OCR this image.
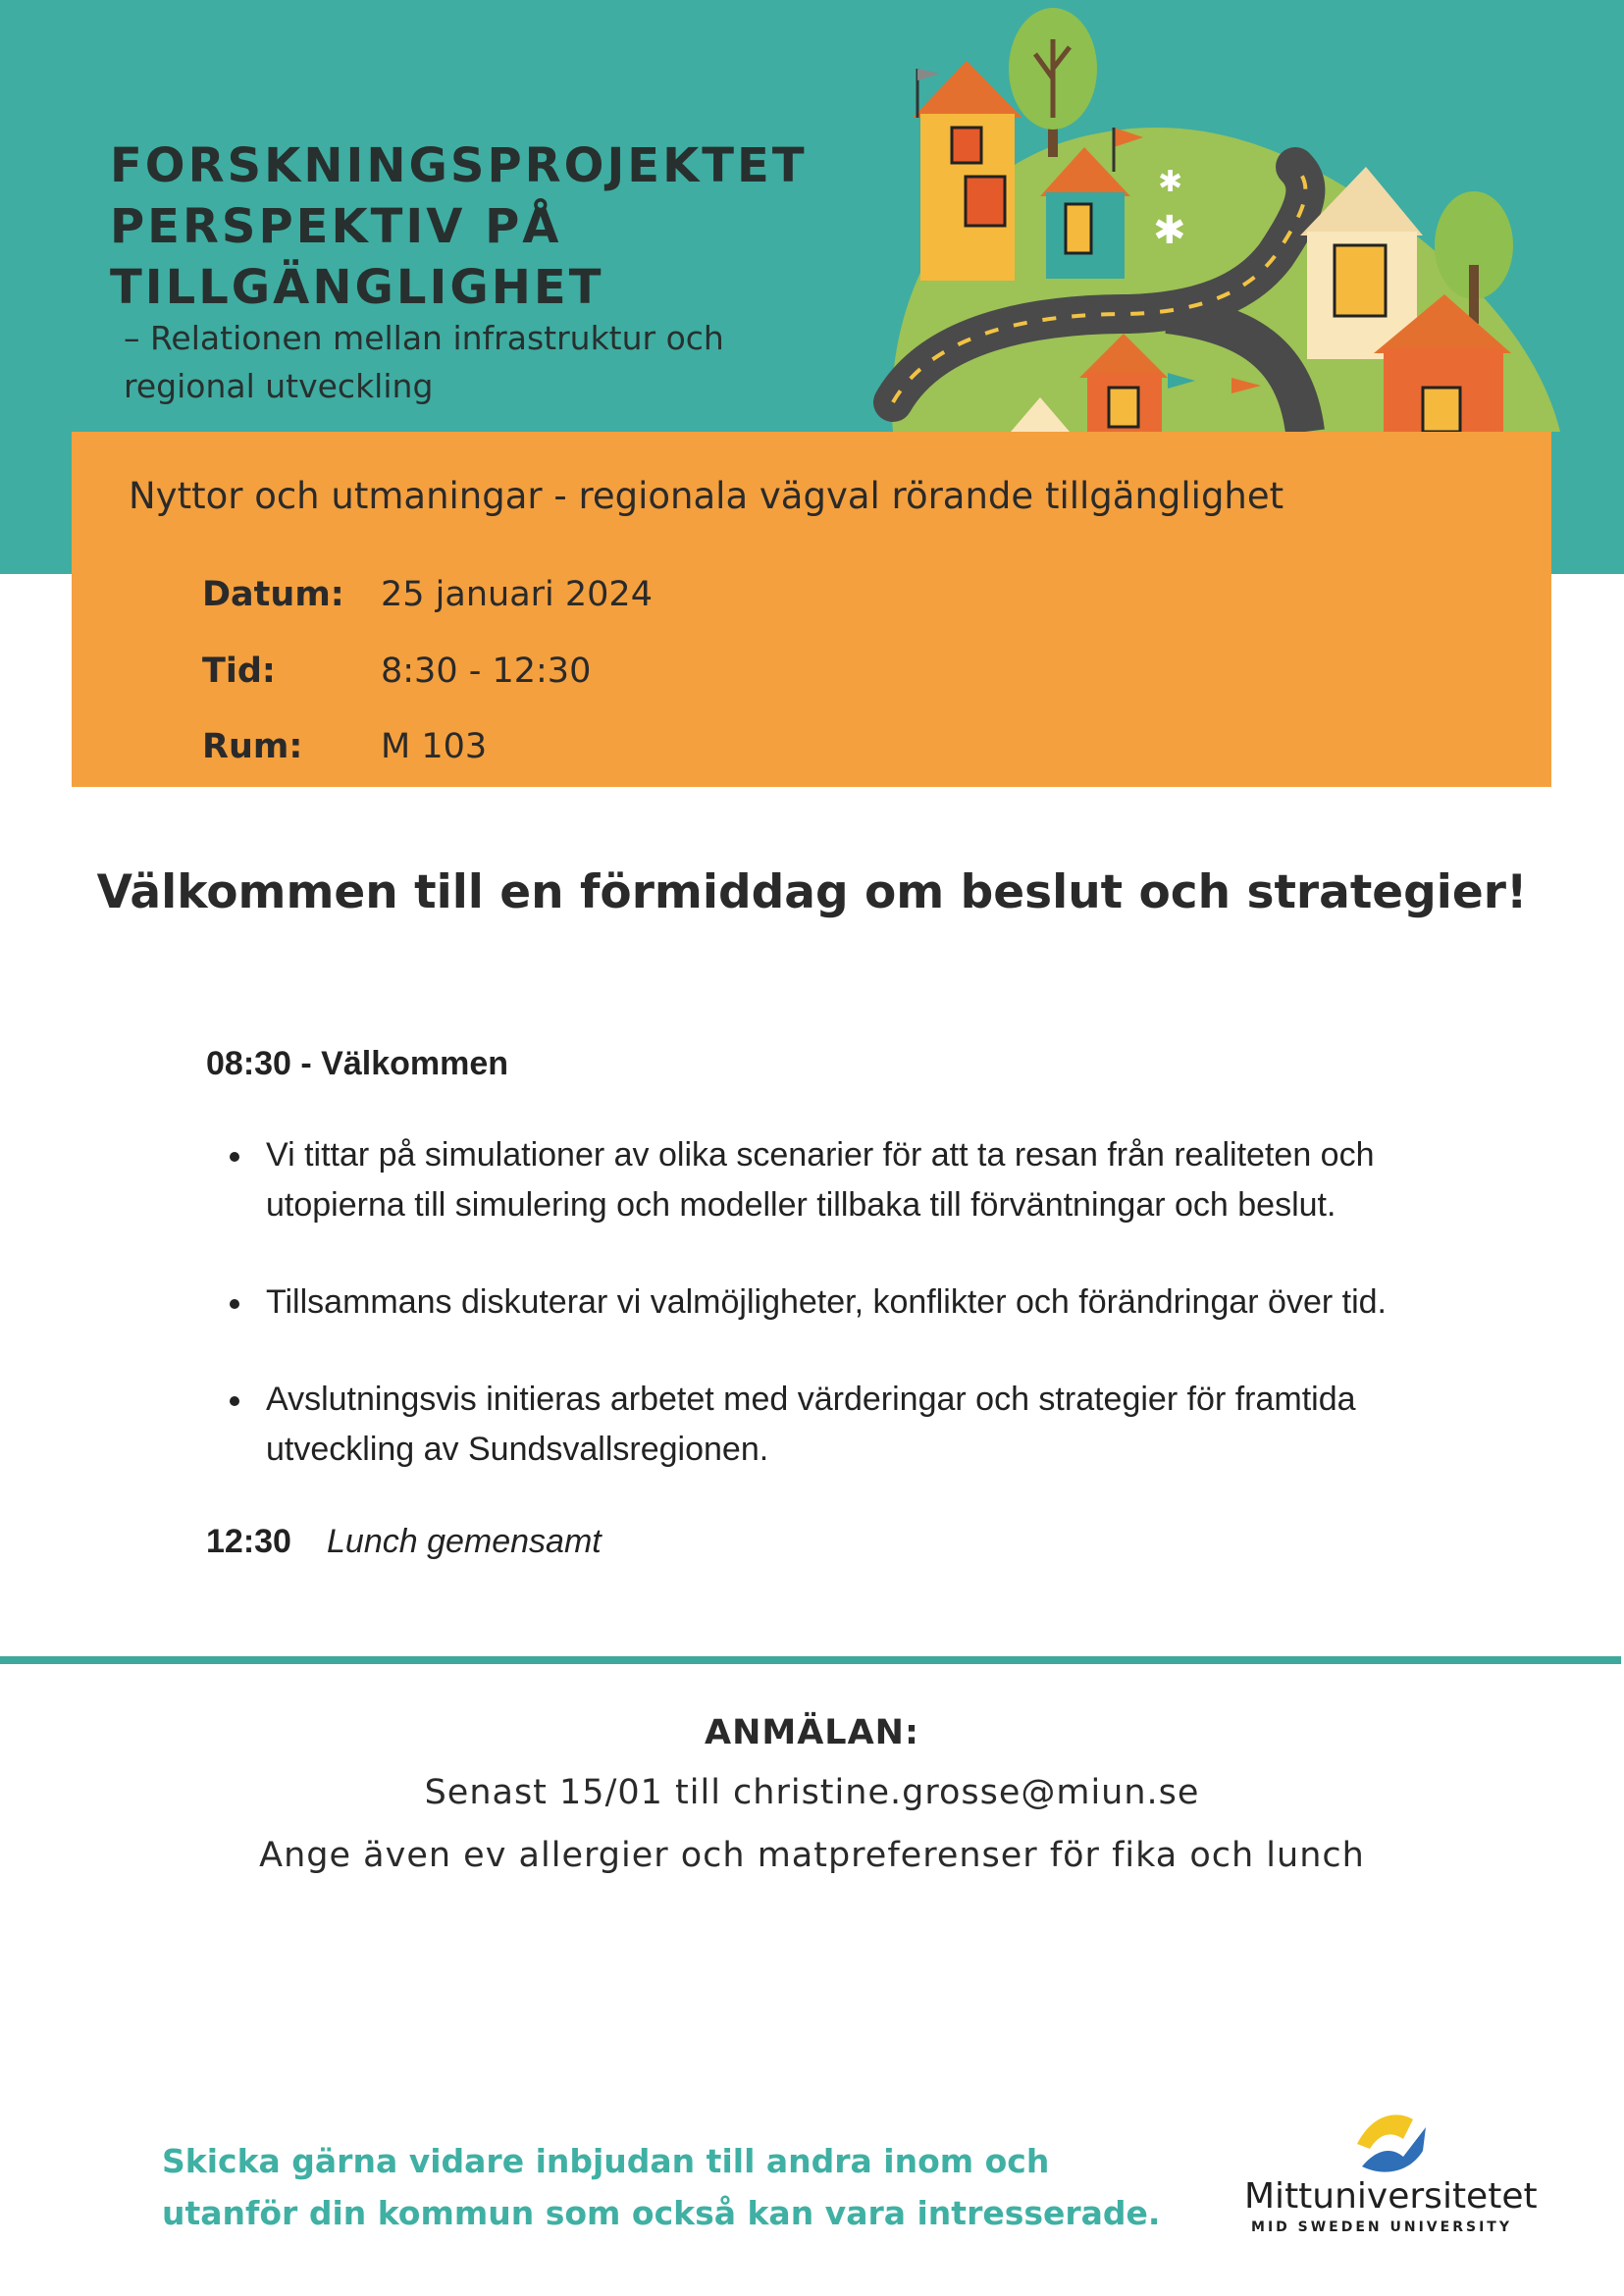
FORSKNINGSPROJEKTET
PERSPEKTIV PÅ
TILLGÄNGLIGHET
– Relationen mellan infrastruktur och
regional utveckling
✱
✱
Nyttor och utmaningar - regionala vägval rörande tillgänglighet
Datum: 25 januari 2024
Tid:	8:30 - 12:30
Rum: M 103
Välkommen till en förmiddag om beslut och strategier!
08:30 - Välkommen
Vi tittar på simulationer av olika scenarier för att ta resan från realiteten och utopierna till simulering och modeller tillbaka till förväntningar och beslut.
Tillsammans diskuterar vi valmöjligheter, konflikter och förändringar över tid.
Avslutningsvis initieras arbetet med värderingar och strategier för framtida utveckling av Sundsvallsregionen.
12:30 Lunch gemensamt
ANMÄLAN:
Senast 15/01 till christine.grosse@miun.se
Ange även ev allergier och matpreferenser för fika och lunch
Skicka gärna vidare inbjudan till andra inom och
utanför din kommun som också kan vara intresserade. Mittuniversitetet
MID SWEDEN UNIVERSITY
